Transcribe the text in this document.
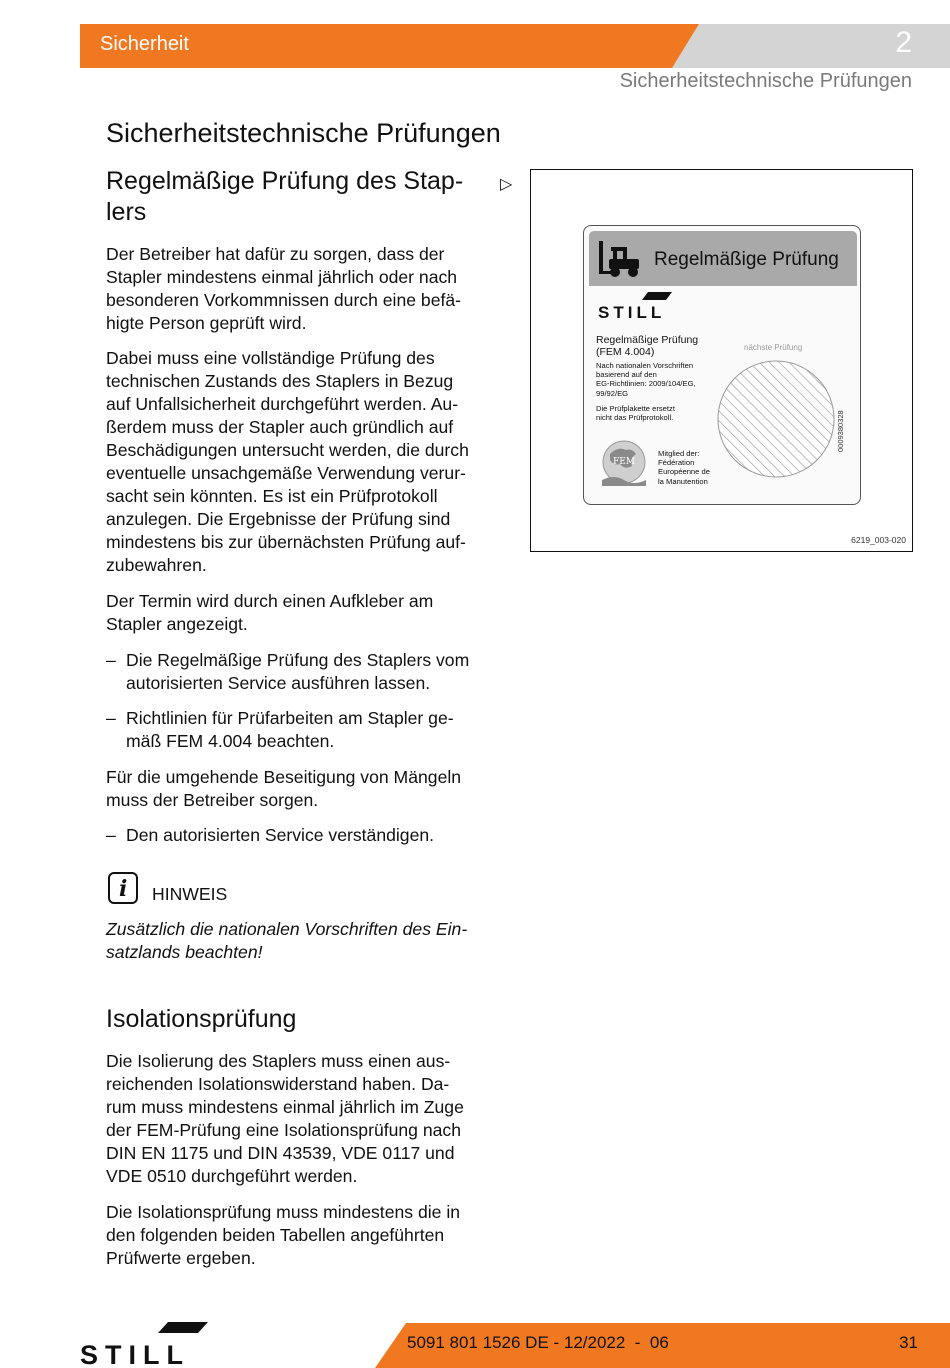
Sicherheit	2
Sicherheitstechnische Prüfungen
Sicherheitstechnische Prüfungen
Regelmäßige Prüfung des Stap-
lers
▷
Der Betreiber hat dafür zu sorgen, dass der
Stapler mindestens einmal jährlich oder nach
besonderen Vorkommnissen durch eine befä-
higte Person geprüft wird.
Dabei muss eine vollständige Prüfung des
technischen Zustands des Staplers in Bezug
auf Unfallsicherheit durchgeführt werden. Au-
ßerdem muss der Stapler auch gründlich auf
Beschädigungen untersucht werden, die durch
eventuelle unsachgemäße Verwendung verur-
sacht sein könnten. Es ist ein Prüfprotokoll
anzulegen. Die Ergebnisse der Prüfung sind
mindestens bis zur übernächsten Prüfung auf-
zubewahren.
Der Termin wird durch einen Aufkleber am
Stapler angezeigt.
– Die Regelmäßige Prüfung des Staplers vom
autorisierten Service ausführen lassen.
– Richtlinien für Prüfarbeiten am Stapler ge-
mäß FEM 4.004 beachten.
Für die umgehende Beseitigung von Mängeln
muss der Betreiber sorgen.
– Den autorisierten Service verständigen.
i HINWEIS
Zusätzlich die nationalen Vorschriften des Ein-
satzlands beachten!
Isolationsprüfung
Die Isolierung des Staplers muss einen aus-
reichenden Isolationswiderstand haben. Da-
rum muss mindestens einmal jährlich im Zuge
der FEM-Prüfung eine Isolationsprüfung nach
DIN EN 1175 und DIN 43539, VDE 0117 und
VDE 0510 durchgeführt werden.
Die Isolationsprüfung muss mindestens die in
den folgenden beiden Tabellen angeführten
Prüfwerte ergeben.
Regelmäßige Prüfung
STILL
Regelmäßige Prüfung
(FEM 4.004)
Nach nationalen Vorschriften
basierend auf den
EG-Richtlinien: 2009/104/EG,
99/92/EG
Die Prüfplakette ersetzt
nicht das Prüfprotokoll.
FEM
Mitglied der:
Fédération
Européenne de
la Manutention
nächste Prüfung
0009380328
6219_003-020
STILL	5091 801 1526 DE - 12/2022  -  06	31
